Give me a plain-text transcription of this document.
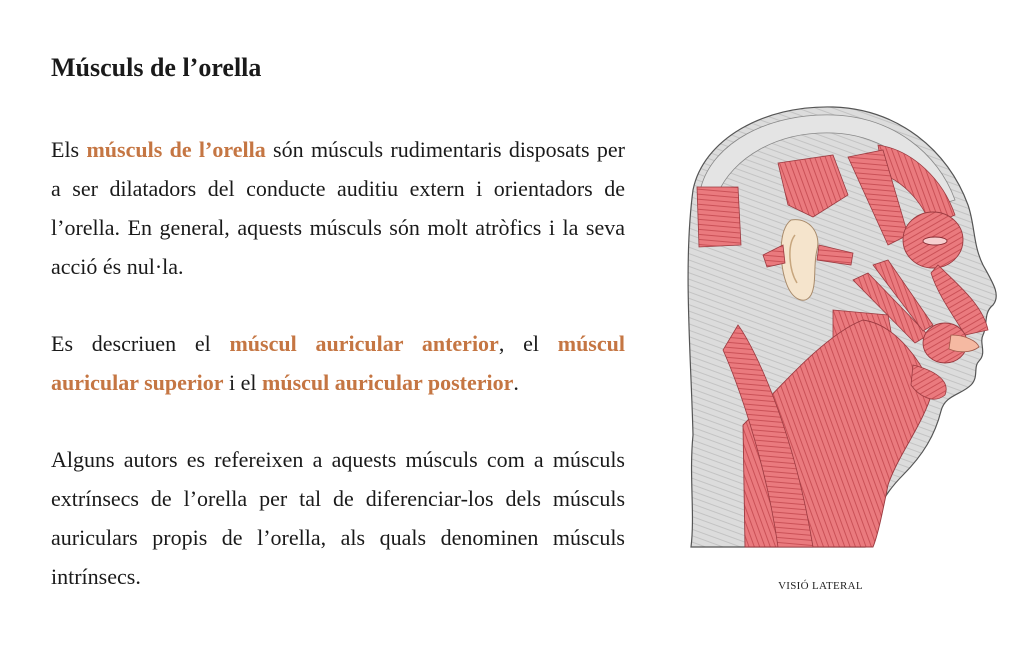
Músculs de l’orella

Els músculs de l’orella són músculs rudimentaris disposats per a ser dilatadors del conducte auditiu extern i orientadors de l’orella. En general, aquests músculs són molt atròfics i la seva acció és nul·la.

Es descriuen el múscul auricular anterior, el múscul auricular superior i el múscul auricular posterior.

Alguns autors es refereixen a aquests músculs com a músculs extrínsecs de l’orella per tal de diferenciar-los dels músculs auriculars propis de l’orella, als quals denominen músculs intrínsecs.	VISIÓ LATERAL
